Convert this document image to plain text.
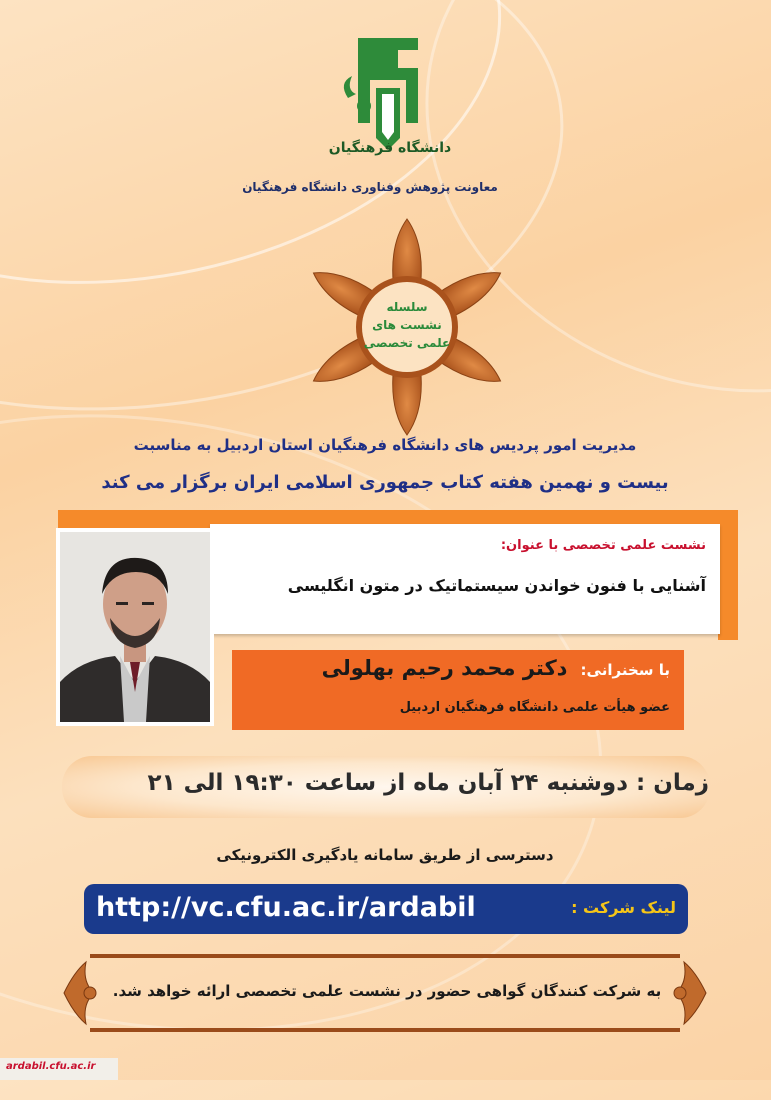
دانشگاه فرهنگیان
معاونت پژوهش وفناوری دانشگاه فرهنگیان
سلسله
نشست های
علمی تخصصی
مدیریت امور پردیس های دانشگاه فرهنگیان استان اردبیل به مناسبت
بیست و نهمین هفته کتاب جمهوری اسلامی ایران برگزار می کند
نشست علمی تخصصی با عنوان:
آشنایی با فنون خواندن سیستماتیک در متون انگلیسی
با سخنرانی: دکتر محمد رحیم بهلولی
عضو هیأت علمی دانشگاه فرهنگیان اردبیل
زمان : دوشنبه ۲۴ آبان ماه از ساعت ۱۹:۳۰ الی ۲۱
دسترسی از طریق سامانه یادگیری الکترونیکی
http://vc.cfu.ac.ir/ardabil	لینک شرکت :
به شرکت کنندگان گواهی حضور در نشست علمی تخصصی ارائه خواهد شد.
ardabil.cfu.ac.ir
